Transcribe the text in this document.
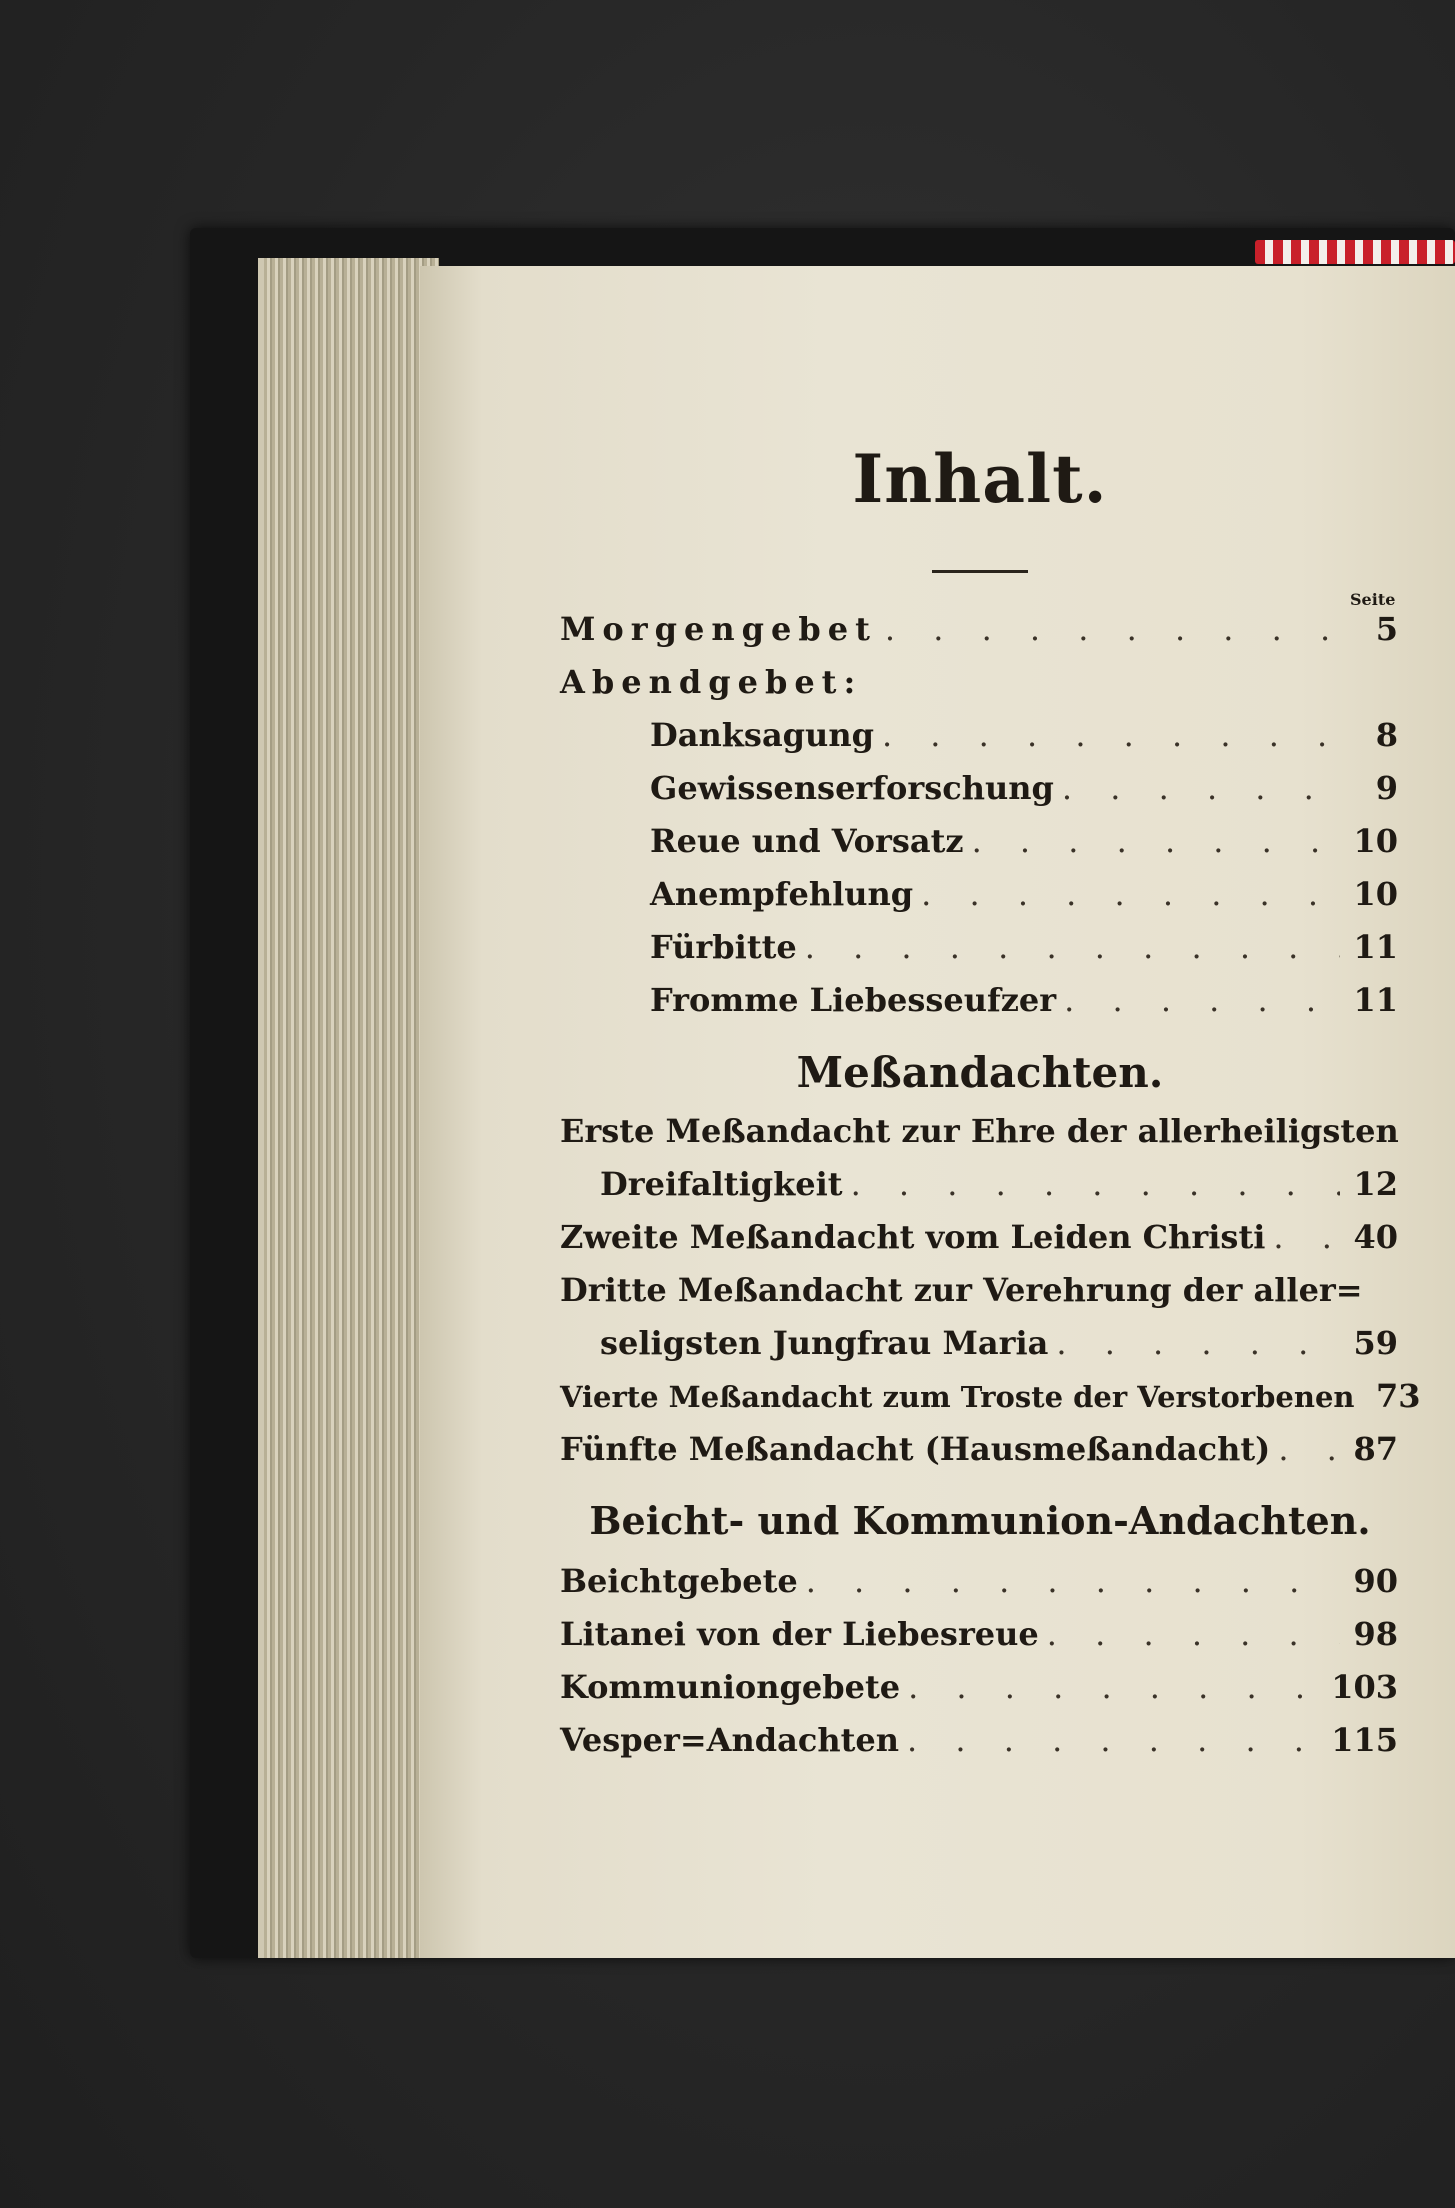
Inhalt.
Seite
Morgengebet . . .	5
Abendgebet:
Danksagung . . .	8
Gewissenserforschung . . .	9
Reue und Vorsatz . . .	10
Anempfehlung . . .	10
Fürbitte . . .	11
Fromme Liebesseufzer . . .	11
Meßandachten.
Erste Meßandacht zur Ehre der allerheiligsten
Dreifaltigkeit . . .	12
Zweite Meßandacht vom Leiden Christi . . .	40
Dritte Meßandacht zur Verehrung der aller=
seligsten Jungfrau Maria . . .	59
Vierte Meßandacht zum Troste der Verstorbenen 73
Fünfte Meßandacht (Hausmeßandacht) . . .	87
Beicht- und Kommunion-Andachten.
Beichtgebete . . .	90
Litanei von der Liebesreue . . .	98
Kommuniongebete . . .	103
Vesper=Andachten . . .	115
